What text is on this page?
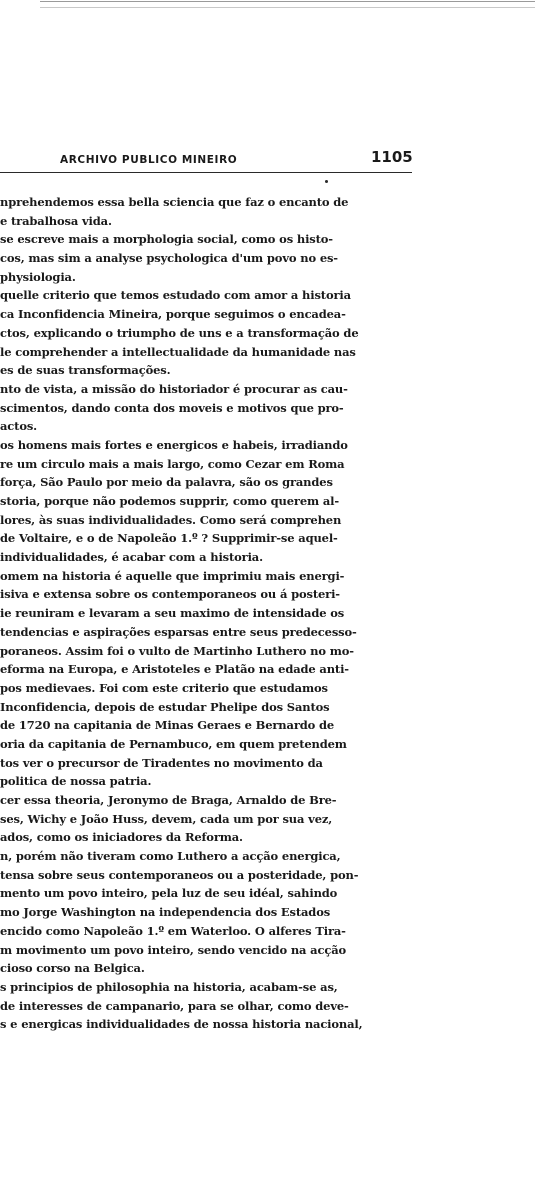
ARCHIVO PUBLICO MINEIRO	1105
nprehendemos essa bella sciencia que faz o encanto de
e trabalhosa vida.
se escreve mais a morphologia social, como os histo-
cos, mas sim a analyse psychologica d'um povo no es-
physiologia.
quelle criterio que temos estudado com amor a historia
ca Inconfidencia Mineira, porque seguimos o encadea-
ctos, explicando o triumpho de uns e a transformação de
le comprehender a intellectualidade da humanidade nas
es de suas transformações.
nto de vista, a missão do historiador é procurar as cau-
scimentos, dando conta dos moveis e motivos que pro-
actos.
os homens mais fortes e energicos e habeis, irradiando
re um circulo mais a mais largo, como Cezar em Roma
força, São Paulo por meio da palavra, são os grandes
storia, porque não podemos supprir, como querem al-
lores, às suas individualidades. Como será comprehen
de Voltaire, e o de Napoleão 1.º ? Supprimir-se aquel-
individualidades, é acabar com a historia.
omem na historia é aquelle que imprimiu mais energi-
isiva e extensa sobre os contemporaneos ou á posteri-
ie reuniram e levaram a seu maximo de intensidade os
tendencias e aspirações esparsas entre seus predecesso-
poraneos. Assim foi o vulto de Martinho Luthero no mo-
eforma na Europa, e Aristoteles e Platão na edade anti-
pos medievaes. Foi com este criterio que estudamos
Inconfidencia, depois de estudar Phelipe dos Santos
de 1720 na capitania de Minas Geraes e Bernardo de
oria da capitania de Pernambuco, em quem pretendem
tos ver o precursor de Tiradentes no movimento da
politica de nossa patria.
cer essa theoria, Jeronymo de Braga, Arnaldo de Bre-
ses, Wichy e João Huss, devem, cada um por sua vez,
ados, como os iniciadores da Reforma.
n, porém não tiveram como Luthero a acção energica,
tensa sobre seus contemporaneos ou a posteridade, pon-
mento um povo inteiro, pela luz de seu idéal, sahindo
mo Jorge Washington na independencia dos Estados
encido como Napoleão 1.º em Waterloo. O alferes Tira-
m movimento um povo inteiro, sendo vencido na acção
cioso corso na Belgica.
s principios de philosophia na historia, acabam-se as,
de interesses de campanario, para se olhar, como deve-
s e energicas individualidades de nossa historia nacional,
